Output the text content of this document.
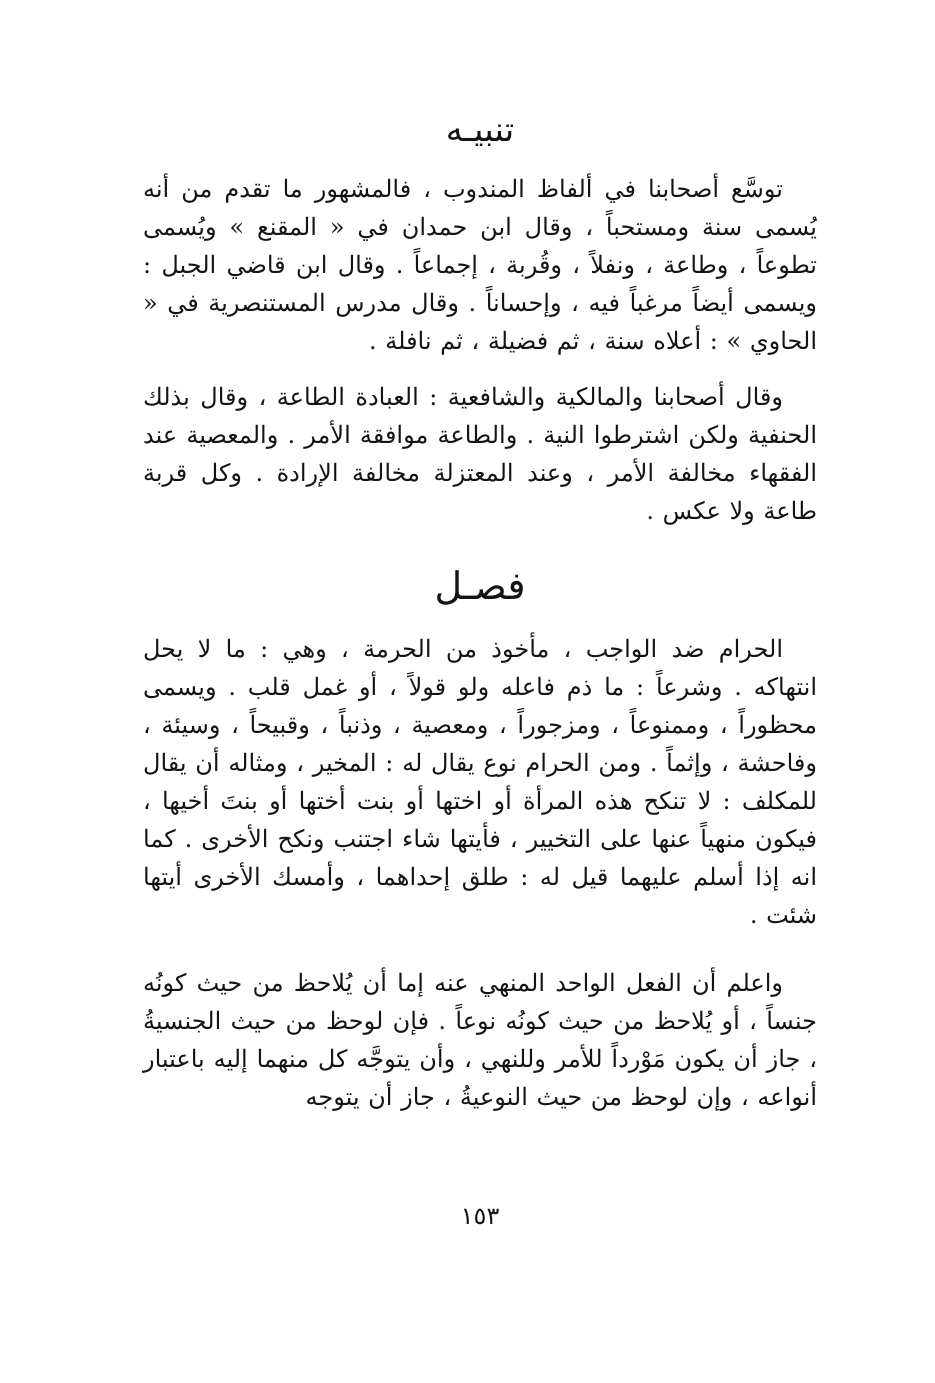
تنبيـه

توسَّع أصحابنا في ألفاظ المندوب ، فالمشهور ما تقدم من أنه يُسمى سنة ومستحباً ، وقال ابن حمدان في « المقنع » ويُسمى تطوعاً ، وطاعة ، ونفلاً ، وقُربة ، إجماعاً . وقال ابن قاضي الجبل : ويسمى أيضاً مرغباً فيه ، وإحساناً . وقال مدرس المستنصرية في « الحاوي » : أعلاه سنة ، ثم فضيلة ، ثم نافلة .

وقال أصحابنا والمالكية والشافعية : العبادة الطاعة ، وقال بذلك الحنفية ولكن اشترطوا النية . والطاعة موافقة الأمر . والمعصية عند الفقهاء مخالفة الأمر ، وعند المعتزلة مخالفة الإرادة . وكل قربة طاعة ولا عكس .

فصـل

الحرام ضد الواجب ، مأخوذ من الحرمة ، وهي : ما لا يحل انتهاكه . وشرعاً : ما ذم فاعله ولو قولاً ، أو غمل قلب . ويسمى محظوراً ، وممنوعاً ، ومزجوراً ، ومعصية ، وذنباً ، وقبيحاً ، وسيئة ، وفاحشة ، وإثماً . ومن الحرام نوع يقال له : المخير ، ومثاله أن يقال للمكلف : لا تنكح هذه المرأة أو اختها أو بنت أختها أو بنتَ أخيها ، فيكون منهياً عنها على التخيير ، فأيتها شاء اجتنب ونكح الأخرى . كما انه إذا أسلم عليهما قيل له : طلق إحداهما ، وأمسك الأخرى أيتها شئت .

واعلم أن الفعل الواحد المنهي عنه إما أن يُلاحظ من حيث كونُه جنساً ، أو يُلاحظ من حيث كونُه نوعاً . فإن لوحظ من حيث الجنسيةُ ، جاز أن يكون مَوْرداً للأمر وللنهي ، وأن يتوجَّه كل منهما إليه باعتبار أنواعه ، وإن لوحظ من حيث النوعيةُ ، جاز أن يتوجه

١٥٣
